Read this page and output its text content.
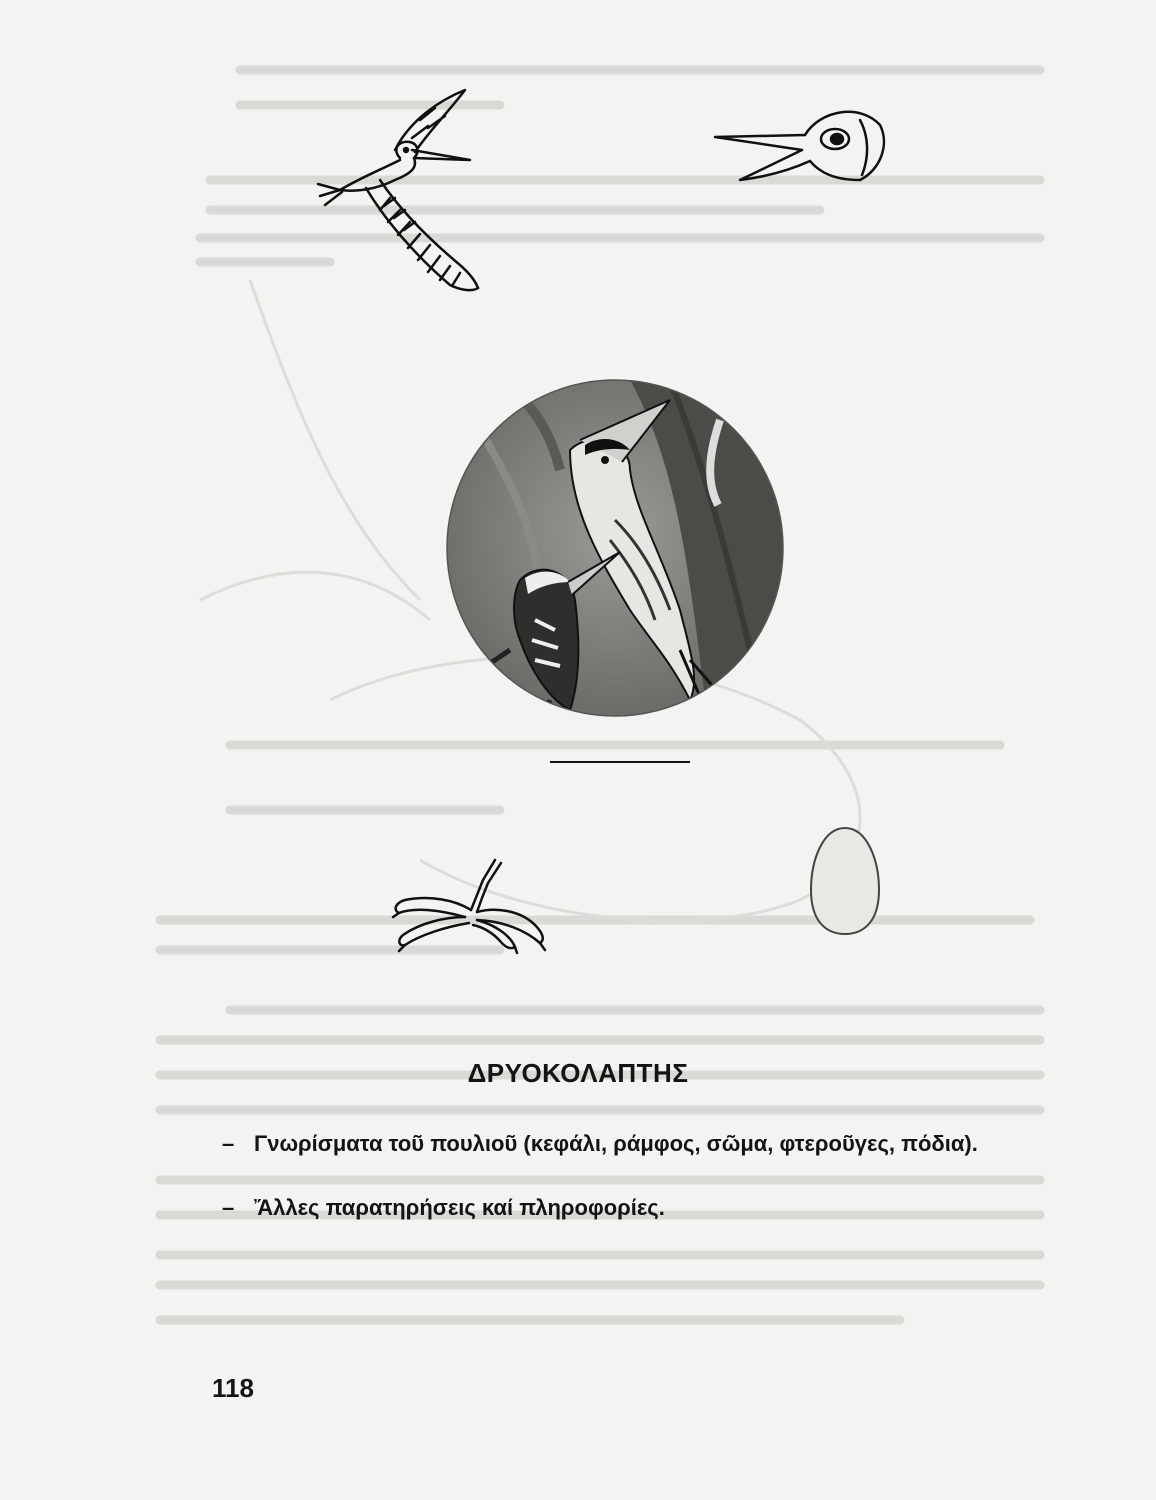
ΔΡΥΟΚΟΛΑΠΤΗΣ
– Γνωρίσματα τοῦ πουλιοῦ (κεφάλι, ράμφος, σῶμα, φτεροῦγες, πόδια).
– Ἄλλες παρατηρήσεις καί πληροφορίες.
118
